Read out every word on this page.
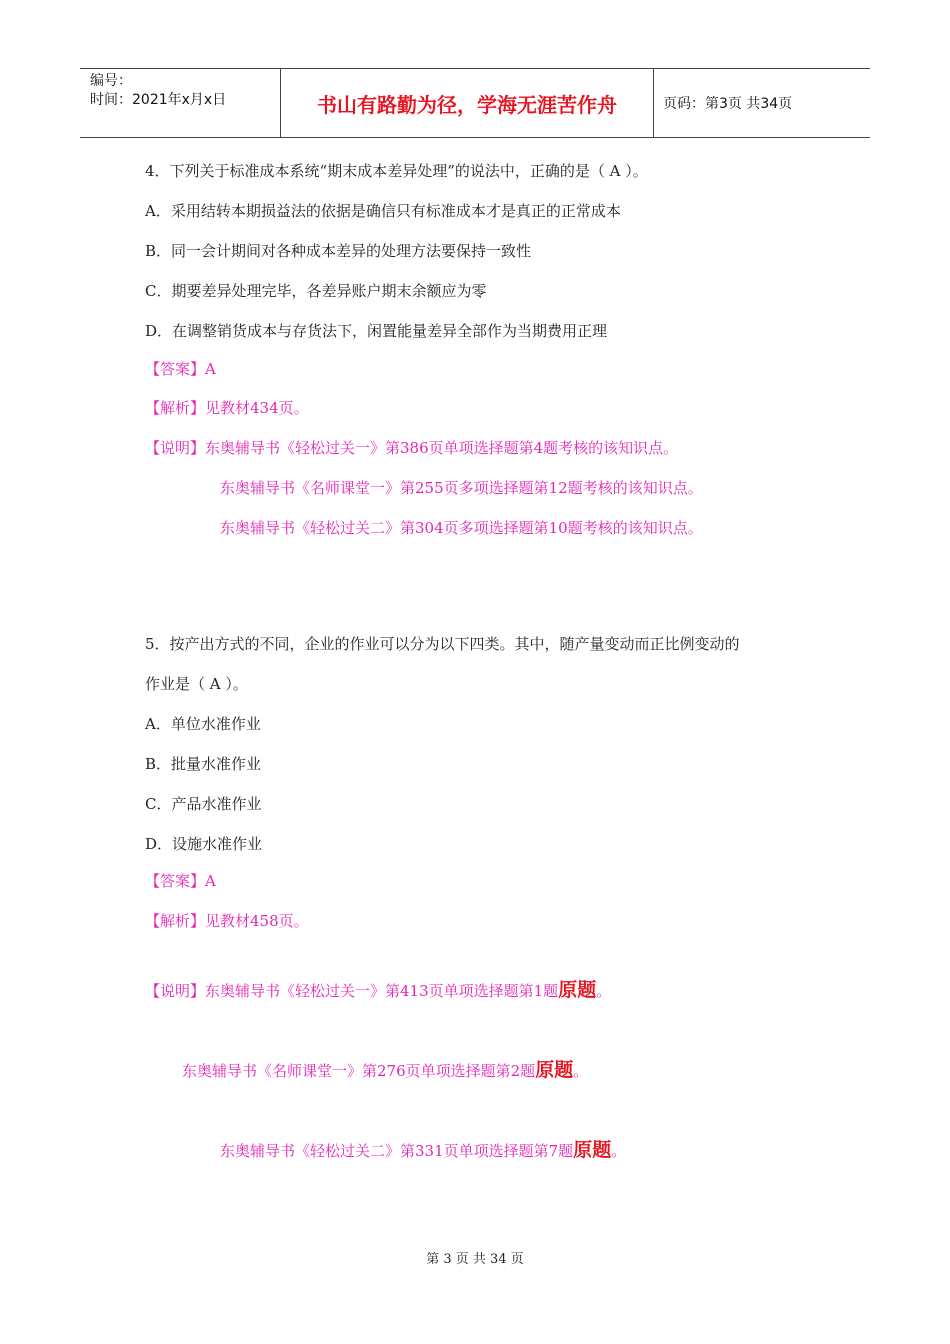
编号：
时间：2021年x月x日	书山有路勤为径，学海无涯苦作舟	页码：第3页 共34页
4．下列关于标准成本系统“期末成本差异处理”的说法中，正确的是（ A ）。
A．采用结转本期损益法的依据是确信只有标准成本才是真正的正常成本
B．同一会计期间对各种成本差异的处理方法要保持一致性
C．期要差异处理完毕，各差异账户期末余额应为零
D．在调整销货成本与存货法下，闲置能量差异全部作为当期费用正理
【答案】A
【解析】见教材434页。
【说明】东奥辅导书《轻松过关一》第386页单项选择题第4题考核的该知识点。
东奥辅导书《名师课堂一》第255页多项选择题第12题考核的该知识点。
东奥辅导书《轻松过关二》第304页多项选择题第10题考核的该知识点。
5．按产出方式的不同，企业的作业可以分为以下四类。其中，随产量变动而正比例变动的
作业是（ A ）。
A．单位水准作业
B．批量水准作业
C．产品水准作业
D．设施水准作业
【答案】A
【解析】见教材458页。
【说明】东奥辅导书《轻松过关一》第413页单项选择题第1题原题。
东奥辅导书《名师课堂一》第276页单项选择题第2题原题。
东奥辅导书《轻松过关二》第331页单项选择题第7题原题。
第 3 页 共 34 页
